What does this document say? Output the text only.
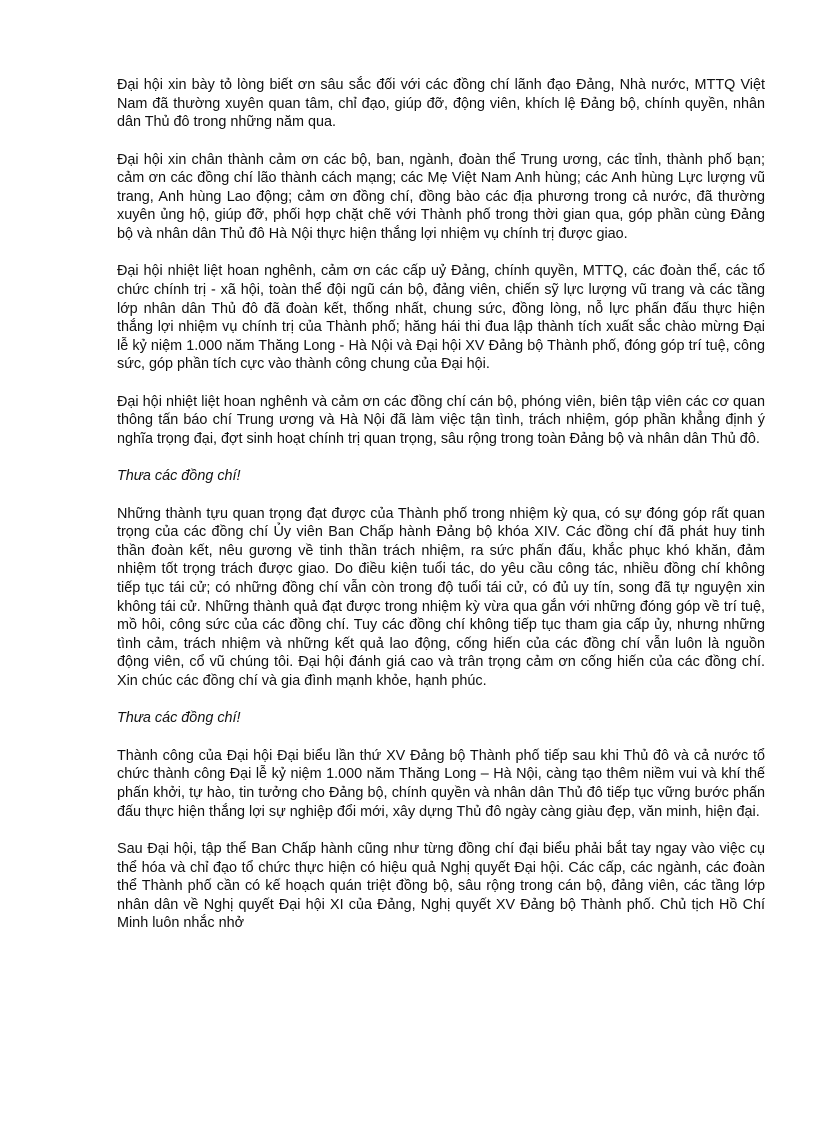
Đại hội xin bày tỏ lòng biết ơn sâu sắc đối với các đồng chí lãnh đạo Đảng, Nhà nước, MTTQ Việt Nam đã thường xuyên quan tâm, chỉ đạo, giúp đỡ, động viên, khích lệ Đảng bộ, chính quyền, nhân dân Thủ đô trong những năm qua.

Đại hội xin chân thành cảm ơn các bộ, ban, ngành, đoàn thể Trung ương, các tỉnh, thành phố bạn; cảm ơn các đồng chí lão thành cách mạng; các Mẹ Việt Nam Anh hùng; các Anh hùng Lực lượng vũ trang, Anh hùng Lao động; cảm ơn đồng chí, đồng bào các địa phương trong cả nước, đã thường xuyên ủng hộ, giúp đỡ, phối hợp chặt chẽ với Thành phố trong thời gian qua, góp phần cùng Đảng bộ và nhân dân Thủ đô Hà Nội thực hiện thắng lợi nhiệm vụ chính trị được giao.

Đại hội nhiệt liệt hoan nghênh, cảm ơn các cấp uỷ Đảng, chính quyền, MTTQ, các đoàn thể, các tổ chức chính trị - xã hội, toàn thể đội ngũ cán bộ, đảng viên, chiến sỹ lực lượng vũ trang và các tầng lớp nhân dân Thủ đô đã đoàn kết, thống nhất, chung sức, đồng lòng, nỗ lực phấn đấu thực hiện thắng lợi nhiệm vụ chính trị của Thành phố; hăng hái thi đua lập thành tích xuất sắc chào mừng Đại lễ kỷ niệm 1.000 năm Thăng Long - Hà Nội và Đại hội XV Đảng bộ Thành phố, đóng góp trí tuệ, công sức, góp phần tích cực vào thành công chung của Đại hội.

Đại hội nhiệt liệt hoan nghênh và cảm ơn các đồng chí cán bộ, phóng viên, biên tập viên các cơ quan thông tấn báo chí Trung ương và Hà Nội đã làm việc tận tình, trách nhiệm, góp phần khẳng định ý nghĩa trọng đại, đợt sinh hoạt chính trị quan trọng, sâu rộng trong toàn Đảng bộ và nhân dân Thủ đô.

Thưa các đồng chí!

Những thành tựu quan trọng đạt được của Thành phố trong nhiệm kỳ qua, có sự đóng góp rất quan trọng của các đồng chí Ủy viên Ban Chấp hành Đảng bộ khóa XIV. Các đồng chí đã phát huy tinh thần đoàn kết, nêu gương về tinh thần trách nhiệm, ra sức phấn đấu, khắc phục khó khăn, đảm nhiệm tốt trọng trách được giao. Do điều kiện tuổi tác, do yêu cầu công tác, nhiều đồng chí không tiếp tục tái cử; có những đồng chí vẫn còn trong độ tuổi tái cử, có đủ uy tín, song đã tự nguyện xin không tái cử. Những thành quả đạt được trong nhiệm kỳ vừa qua gắn với những đóng góp về trí tuệ, mồ hôi, công sức của các đồng chí. Tuy các đồng chí không tiếp tục tham gia cấp ủy, nhưng những tình cảm, trách nhiệm và những kết quả lao động, cống hiến của các đồng chí vẫn luôn là nguồn động viên, cổ vũ chúng tôi. Đại hội đánh giá cao và trân trọng cảm ơn cống hiến của các đồng chí. Xin chúc các đồng chí và gia đình mạnh khỏe, hạnh phúc.

Thưa các đồng chí!

Thành công của Đại hội Đại biểu lần thứ XV Đảng bộ Thành phố tiếp sau khi Thủ đô và cả nước tổ chức thành công Đại lễ kỷ niệm 1.000 năm Thăng Long – Hà Nội, càng tạo thêm niềm vui và khí thế phấn khởi, tự hào, tin tưởng cho Đảng bộ, chính quyền và nhân dân Thủ đô tiếp tục vững bước phấn đấu thực hiện thắng lợi sự nghiệp đổi mới, xây dựng Thủ đô ngày càng giàu đẹp, văn minh, hiện đại.

Sau Đại hội, tập thể Ban Chấp hành cũng như từng đồng chí đại biểu phải bắt tay ngay vào việc cụ thể hóa và chỉ đạo tổ chức thực hiện có hiệu quả Nghị quyết Đại hội. Các cấp, các ngành, các đoàn thể Thành phố cần có kế hoạch quán triệt đồng bộ, sâu rộng trong cán bộ, đảng viên, các tầng lớp nhân dân về Nghị quyết Đại hội XI của Đảng, Nghị quyết XV Đảng bộ Thành phố. Chủ tịch Hồ Chí Minh luôn nhắc nhở
